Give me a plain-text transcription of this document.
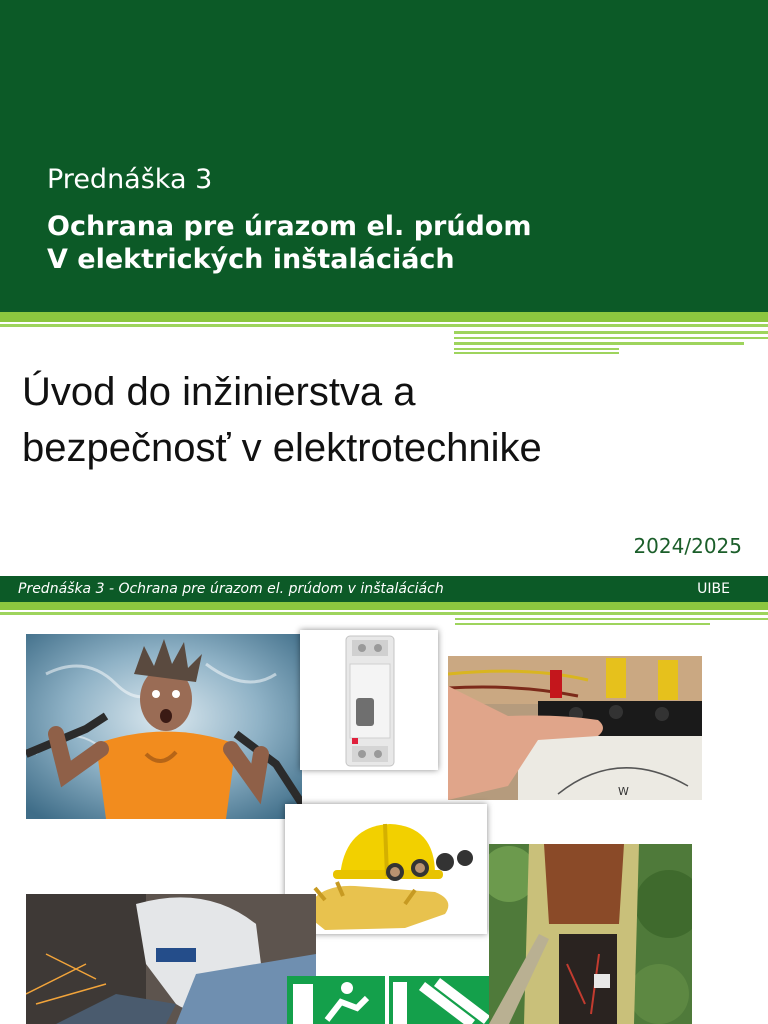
Prednáška 3
Ochrana pre úrazom el. prúdom
V elektrických inštaláciách
Úvod do inžinierstva a
bezpečnosť v elektrotechnike
2024/2025
Prednáška 3 - Ochrana pre úrazom el. prúdom v inštaláciách	UIBE
W
